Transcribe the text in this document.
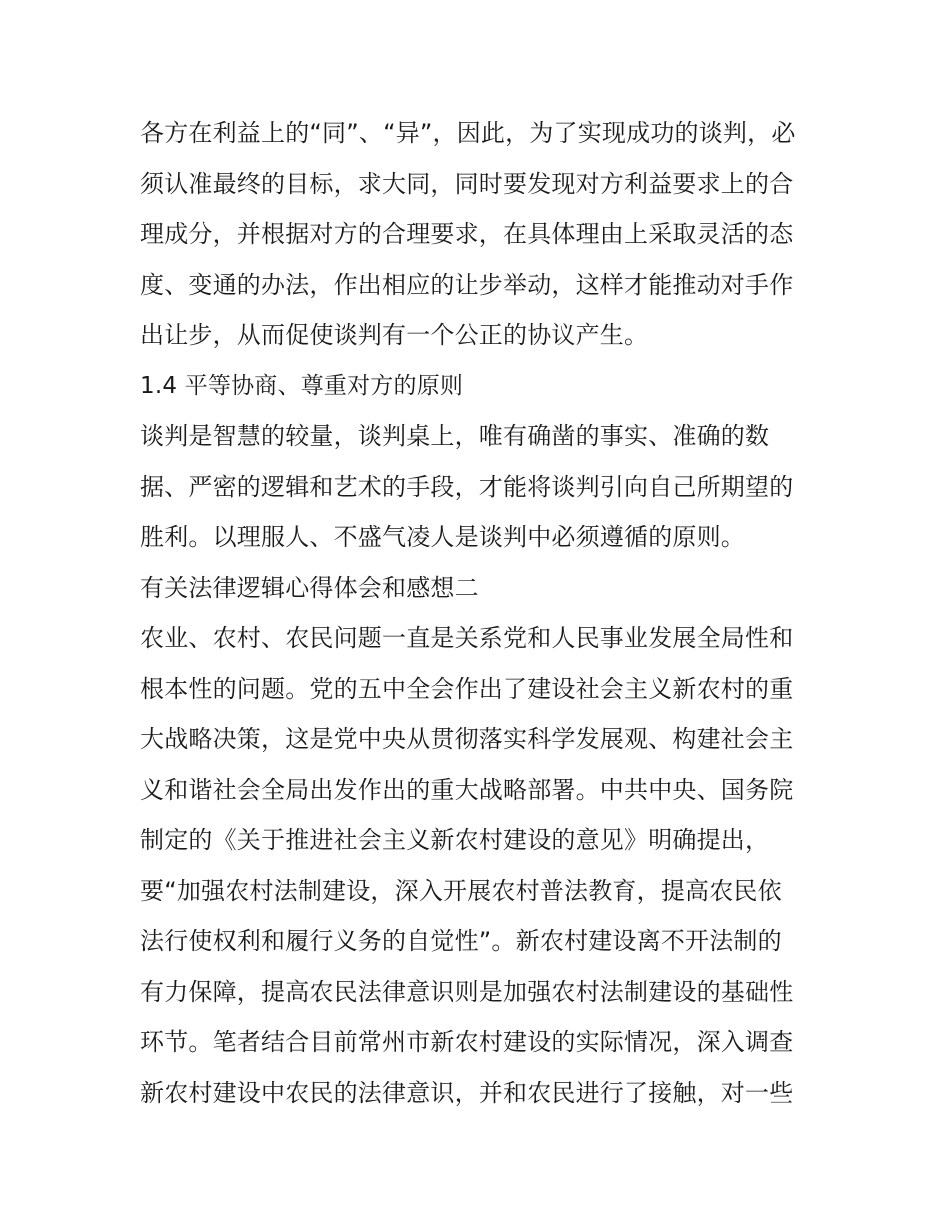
各方在利益上的“同”、“异”，因此，为了实现成功的谈判，必
须认准最终的目标，求大同，同时要发现对方利益要求上的合
理成分，并根据对方的合理要求，在具体理由上采取灵活的态
度、变通的办法，作出相应的让步举动，这样才能推动对手作
出让步，从而促使谈判有一个公正的协议产生。
1.4 平等协商、尊重对方的原则
谈判是智慧的较量，谈判桌上，唯有确凿的事实、准确的数
据、严密的逻辑和艺术的手段，才能将谈判引向自己所期望的
胜利。以理服人、不盛气凌人是谈判中必须遵循的原则。
有关法律逻辑心得体会和感想二
农业、农村、农民问题一直是关系党和人民事业发展全局性和
根本性的问题。党的五中全会作出了建设社会主义新农村的重
大战略决策，这是党中央从贯彻落实科学发展观、构建社会主
义和谐社会全局出发作出的重大战略部署。中共中央、国务院
制定的《关于推进社会主义新农村建设的意见》明确提出，
要“加强农村法制建设，深入开展农村普法教育，提高农民依
法行使权利和履行义务的自觉性”。新农村建设离不开法制的
有力保障，提高农民法律意识则是加强农村法制建设的基础性
环节。笔者结合目前常州市新农村建设的实际情况，深入调查
新农村建设中农民的法律意识，并和农民进行了接触，对一些
